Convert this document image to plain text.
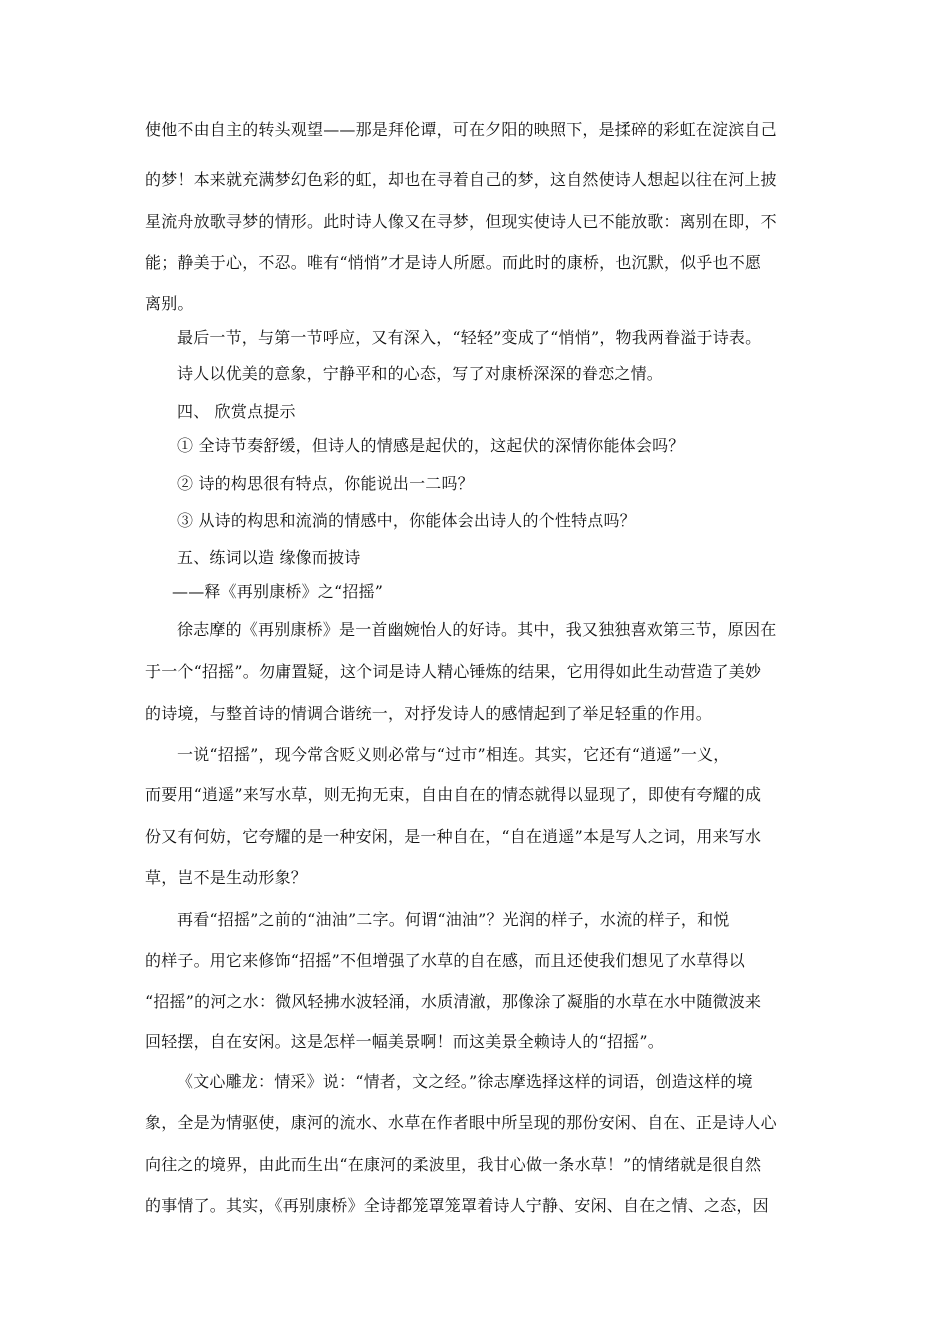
使他不由自主的转头观望——那是拜伦谭，可在夕阳的映照下，是揉碎的彩虹在淀滨自己
的梦！本来就充满梦幻色彩的虹，却也在寻着自己的梦，这自然使诗人想起以往在河上披
星流舟放歌寻梦的情形。此时诗人像又在寻梦，但现实使诗人已不能放歌：离别在即，不
能；静美于心，不忍。唯有“悄悄”才是诗人所愿。而此时的康桥，也沉默，似乎也不愿
离别。
最后一节，与第一节呼应，又有深入，“轻轻”变成了“悄悄”，物我两眷溢于诗表。
诗人以优美的意象，宁静平和的心态，写了对康桥深深的眷恋之情。
四、 欣赏点提示
① 全诗节奏舒缓，但诗人的情感是起伏的，这起伏的深情你能体会吗？
② 诗的构思很有特点，你能说出一二吗？
③ 从诗的构思和流淌的情感中，你能体会出诗人的个性特点吗？
五、练词以造 缘像而披诗
——释《再别康桥》之“招摇”
徐志摩的《再别康桥》是一首幽婉怡人的好诗。其中，我又独独喜欢第三节，原因在
于一个“招摇”。勿庸置疑，这个词是诗人精心锤炼的结果，它用得如此生动营造了美妙
的诗境，与整首诗的情调合谐统一，对抒发诗人的感情起到了举足轻重的作用。
一说“招摇”，现今常含贬义则必常与“过市”相连。其实，它还有“逍遥”一义，
而要用“逍遥”来写水草，则无拘无束，自由自在的情态就得以显现了，即使有夸耀的成
份又有何妨，它夸耀的是一种安闲，是一种自在，“自在逍遥”本是写人之词，用来写水
草，岂不是生动形象？
再看“招摇”之前的“油油”二字。何谓“油油”？光润的样子，水流的样子，和悦
的样子。用它来修饰“招摇”不但增强了水草的自在感，而且还使我们想见了水草得以
“招摇”的河之水：微风轻拂水波轻涌，水质清澈，那像涂了凝脂的水草在水中随微波来
回轻摆，自在安闲。这是怎样一幅美景啊！而这美景全赖诗人的“招摇”。
《文心雕龙：情采》说：“情者，文之经。”徐志摩选择这样的词语，创造这样的境
象，全是为情驱使，康河的流水、水草在作者眼中所呈现的那份安闲、自在、正是诗人心
向往之的境界，由此而生出“在康河的柔波里，我甘心做一条水草！”的情绪就是很自然
的事情了。其实，《再别康桥》全诗都笼罩笼罩着诗人宁静、安闲、自在之情、之态，因
